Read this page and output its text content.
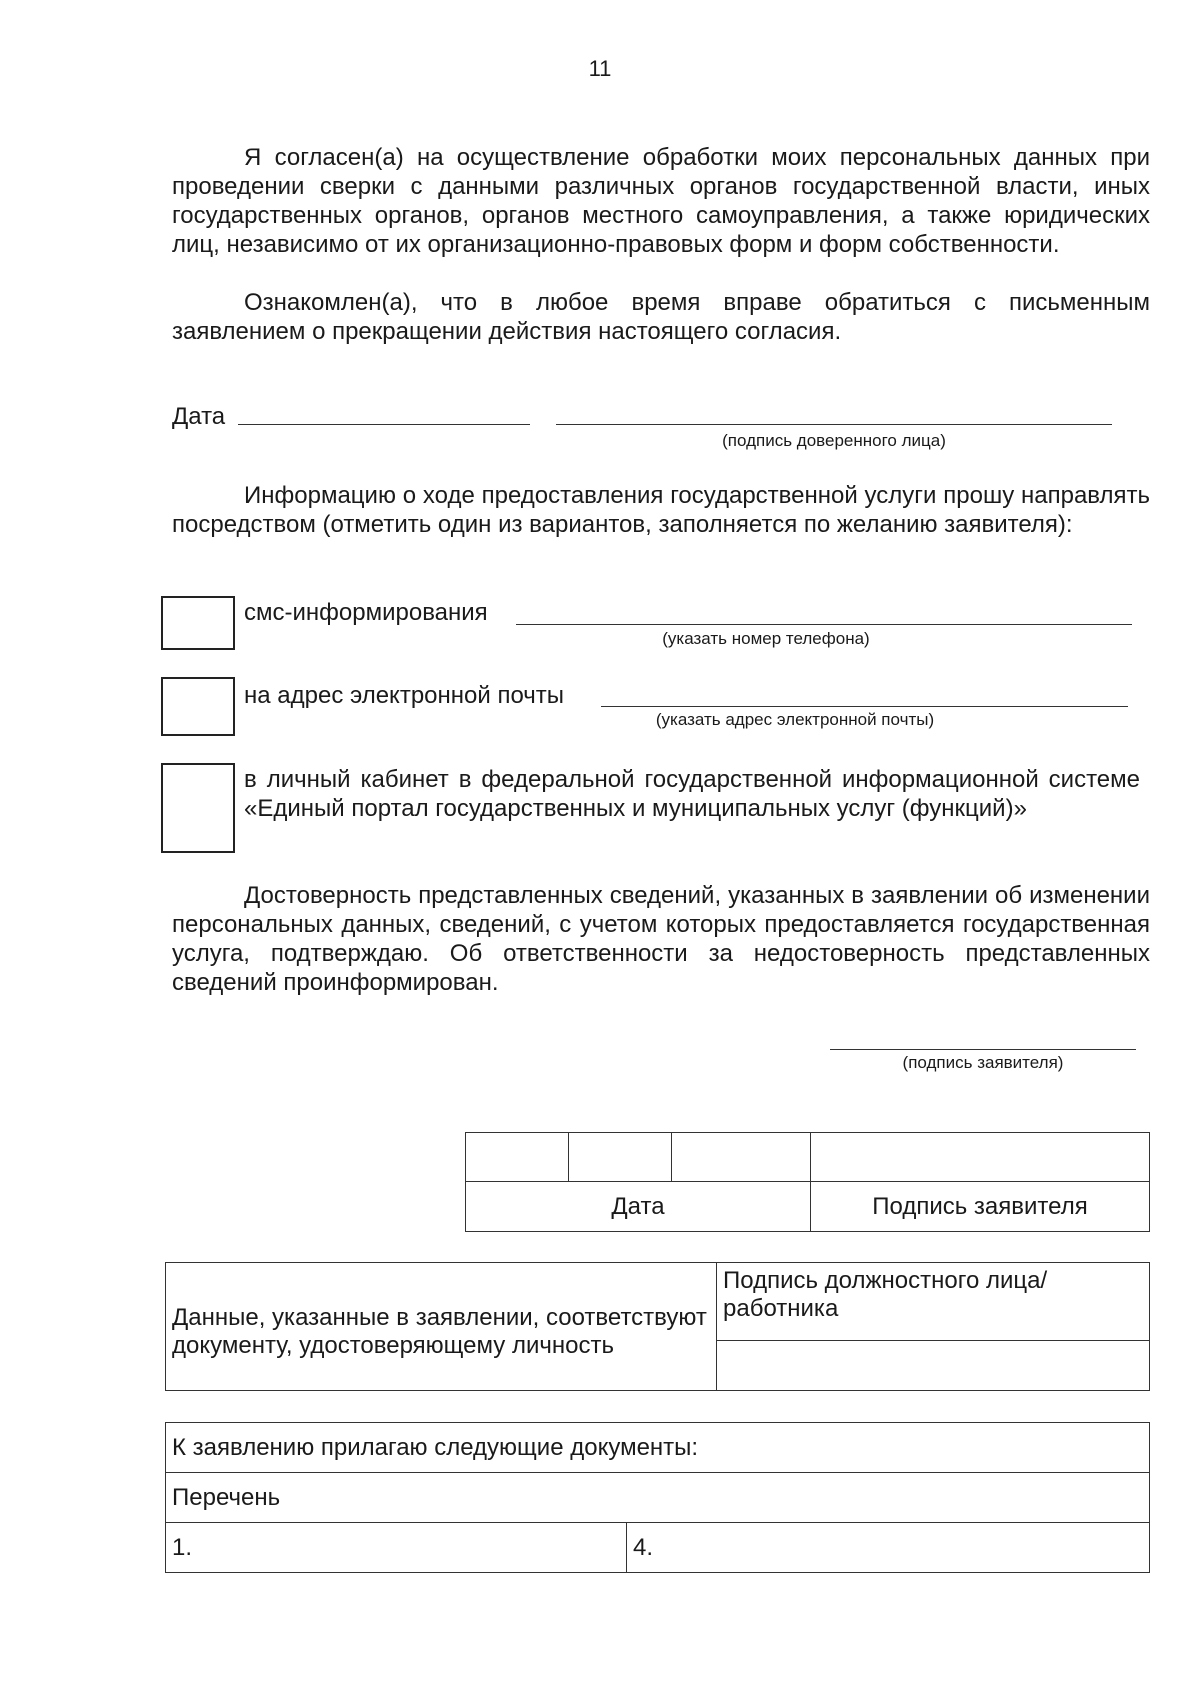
11
Я согласен(а) на осуществление обработки моих персональных данных при проведении сверки с данными различных органов государственной власти, иных государственных органов, органов местного самоуправления, а также юридических лиц, независимо от их организационно-правовых форм и форм собственности.
Ознакомлен(а), что в любое время вправе обратиться с письменным заявлением о прекращении действия настоящего согласия.
Дата
(подпись доверенного лица)
Информацию о ходе предоставления государственной услуги прошу направлять посредством (отметить один из вариантов, заполняется по желанию заявителя):
смс-информирования
(указать номер телефона)
на адрес электронной почты
(указать адрес электронной почты)
в личный кабинет в федеральной государственной информационной системе «Единый портал государственных и муниципальных услуг (функций)»
Достоверность представленных сведений, указанных в заявлении об изменении персональных данных, сведений, с учетом которых предоставляется государственная услуга, подтверждаю. Об ответственности за недостоверность представленных сведений проинформирован.
(подпись заявителя)

Дата			Подпись заявителя
Данные, указанные в заявлении, соответствуют документу, удостоверяющему личность	Подпись должностного лица/работника

К заявлению прилагаю следующие документы:
Перечень
1.	4.
